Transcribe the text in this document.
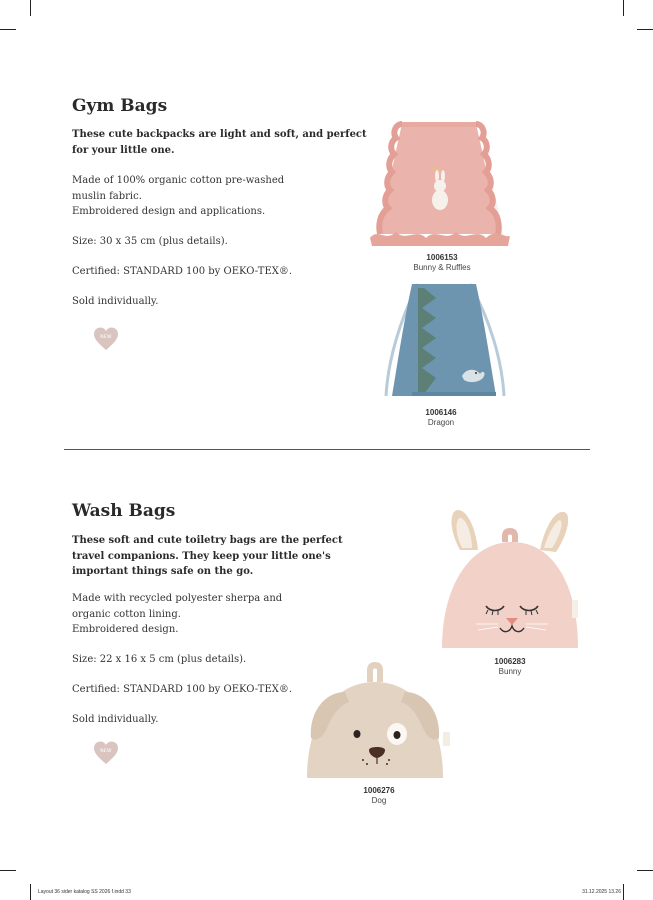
Gym Bags

These cute backpacks are light and soft, and perfect
for your little one.

Made of 100% organic cotton pre-washed
muslin fabric.
Embroidered design and applications.

Size: 30 x 35 cm (plus details).

Certified: STANDARD 100 by OEKO-TEX®.

Sold individually.

NEW
1006153
Bunny & Ruffles
1006146
Dragon
Wash Bags

These soft and cute toiletry bags are the perfect
travel companions. They keep your little one's
important things safe on the go.

Made with recycled polyester sherpa and
organic cotton lining.
Embroidered design.

Size: 22 x 16 x 5 cm (plus details).

Certified: STANDARD 100 by OEKO-TEX®.

Sold individually.

NEW
1006283
Bunny
1006276
Dog
Layout 36 sider katalog SS 2026 f.indd 33	31.12.2025 13.26
